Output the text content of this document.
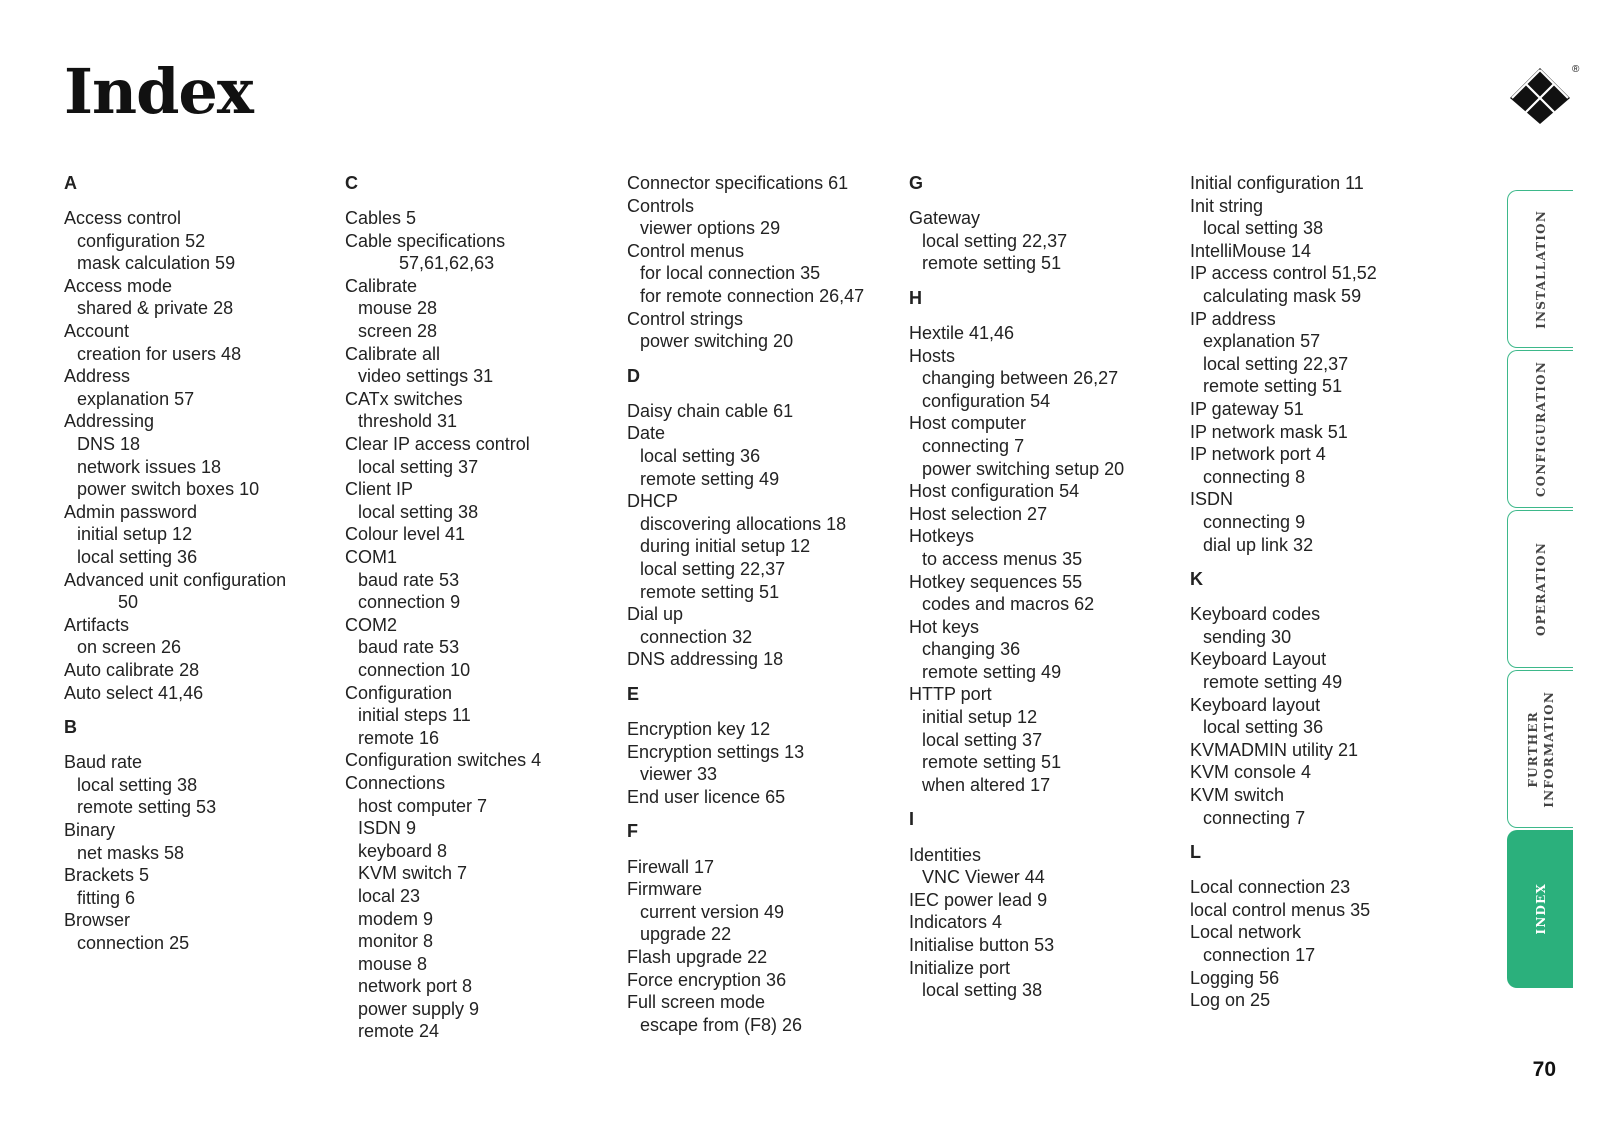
Index	®
A
Access control
configuration 52
mask calculation 59
Access mode
shared & private 28
Account
creation for users 48
Address
explanation 57
Addressing
DNS 18
network issues 18
power switch boxes 10
Admin password
initial setup 12
local setting 36
Advanced unit configuration
50
Artifacts
on screen 26
Auto calibrate 28
Auto select 41,46
B
Baud rate
local setting 38
remote setting 53
Binary
net masks 58
Brackets 5
fitting 6
Browser
connection 25
C
Cables 5
Cable specifications
57,61,62,63
Calibrate
mouse 28
screen 28
Calibrate all
video settings 31
CATx switches
threshold 31
Clear IP access control
local setting 37
Client IP
local setting 38
Colour level 41
COM1
baud rate 53
connection 9
COM2
baud rate 53
connection 10
Configuration
initial steps 11
remote 16
Configuration switches 4
Connections
host computer 7
ISDN 9
keyboard 8
KVM switch 7
local 23
modem 9
monitor 8
mouse 8
network port 8
power supply 9
remote 24
Connector specifications 61
Controls
viewer options 29
Control menus
for local connection 35
for remote connection 26,47
Control strings
power switching 20
D
Daisy chain cable 61
Date
local setting 36
remote setting 49
DHCP
discovering allocations 18
during initial setup 12
local setting 22,37
remote setting 51
Dial up
connection 32
DNS addressing 18
E
Encryption key 12
Encryption settings 13
viewer 33
End user licence 65
F
Firewall 17
Firmware
current version 49
upgrade 22
Flash upgrade 22
Force encryption 36
Full screen mode
escape from (F8) 26
G
Gateway
local setting 22,37
remote setting 51
H
Hextile 41,46
Hosts
changing between 26,27
configuration 54
Host computer
connecting 7
power switching setup 20
Host configuration 54
Host selection 27
Hotkeys
to access menus 35
Hotkey sequences 55
codes and macros 62
Hot keys
changing 36
remote setting 49
HTTP port
initial setup 12
local setting 37
remote setting 51
when altered 17
I
Identities
VNC Viewer 44
IEC power lead 9
Indicators 4
Initialise button 53
Initialize port
local setting 38
Initial configuration 11
Init string
local setting 38
IntelliMouse 14
IP access control 51,52
calculating mask 59
IP address
explanation 57
local setting 22,37
remote setting 51
IP gateway 51
IP network mask 51
IP network port 4
connecting 8
ISDN
connecting 9
dial up link 32
K
Keyboard codes
sending 30
Keyboard Layout
remote setting 49
Keyboard layout
local setting 36
KVMADMIN utility 21
KVM console 4
KVM switch
connecting 7
L
Local connection 23
local control menus 35
Local network
connection 17
Logging 56
Log on 25
INSTALLATION
CONFIGURATION
OPERATION
FURTHER
INFORMATION
INDEX
70
